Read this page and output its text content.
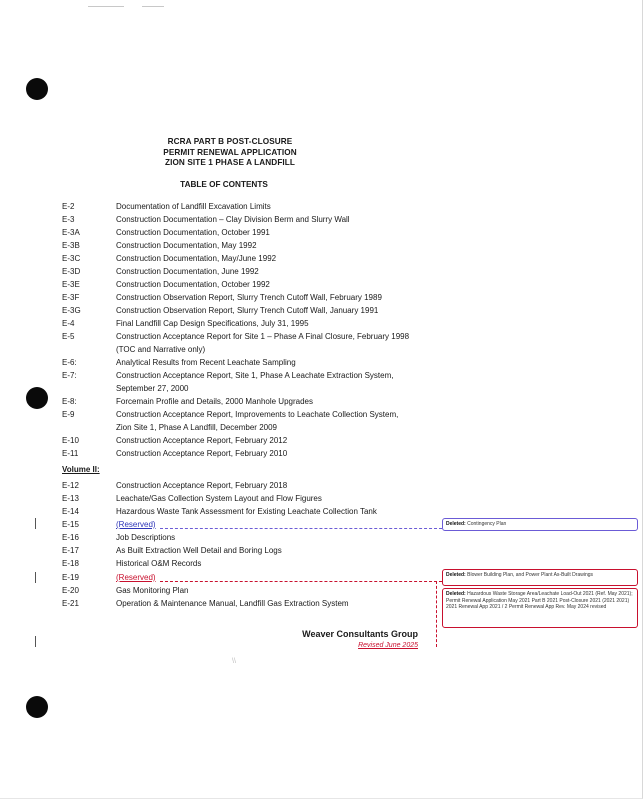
RCRA PART B POST-CLOSURE
PERMIT RENEWAL APPLICATION
ZION SITE 1 PHASE A LANDFILL
TABLE OF CONTENTS
E-2	Documentation of Landfill Excavation Limits
E-3	Construction Documentation – Clay Division Berm and Slurry Wall
E-3A	Construction Documentation, October 1991
E-3B	Construction Documentation, May 1992
E-3C	Construction Documentation, May/June 1992
E-3D	Construction Documentation, June 1992
E-3E	Construction Documentation, October 1992
E-3F	Construction Observation Report, Slurry Trench Cutoff Wall, February 1989
E-3G	Construction Observation Report, Slurry Trench Cutoff Wall, January 1991
E-4	Final Landfill Cap Design Specifications, July 31, 1995
E-5	Construction Acceptance Report for Site 1 – Phase A Final Closure, February 1998
(TOC and Narrative only)
E-6:	Analytical Results from Recent Leachate Sampling
E-7:	Construction Acceptance Report, Site 1, Phase A Leachate Extraction System,
September 27, 2000
E-8:	Forcemain Profile and Details, 2000 Manhole Upgrades
E-9	Construction Acceptance Report, Improvements to Leachate Collection System,
Zion Site 1, Phase A Landfill, December 2009
E-10	Construction Acceptance Report, February 2012
E-11	Construction Acceptance Report, February 2010
Volume II:
E-12	Construction Acceptance Report, February 2018
E-13	Leachate/Gas Collection System Layout and Flow Figures
E-14	Hazardous Waste Tank Assessment for Existing Leachate Collection Tank
E-15	(Reserved)
E-16	Job Descriptions
E-17	As Built Extraction Well Detail and Boring Logs
E-18	Historical O&M Records
E-19	(Reserved)
E-20	Gas Monitoring Plan
E-21	Operation & Maintenance Manual, Landfill Gas Extraction System
Deleted: Contingency Plan
Deleted: Blower Building Plan, and Power Plant As-Built Drawings
Deleted: Hazardous Waste Storage Area/Leachate Load-Out 2021 (Ref. May 2021); Permit Renewal Application May 2021 Part B 2021 Post-Closure 2021 (2021 2021) 2021 Renewal App 2021 / 2 Permit Renewal App Rev. May 2024 revised
Weaver Consultants Group
Revised June 2025
\\
